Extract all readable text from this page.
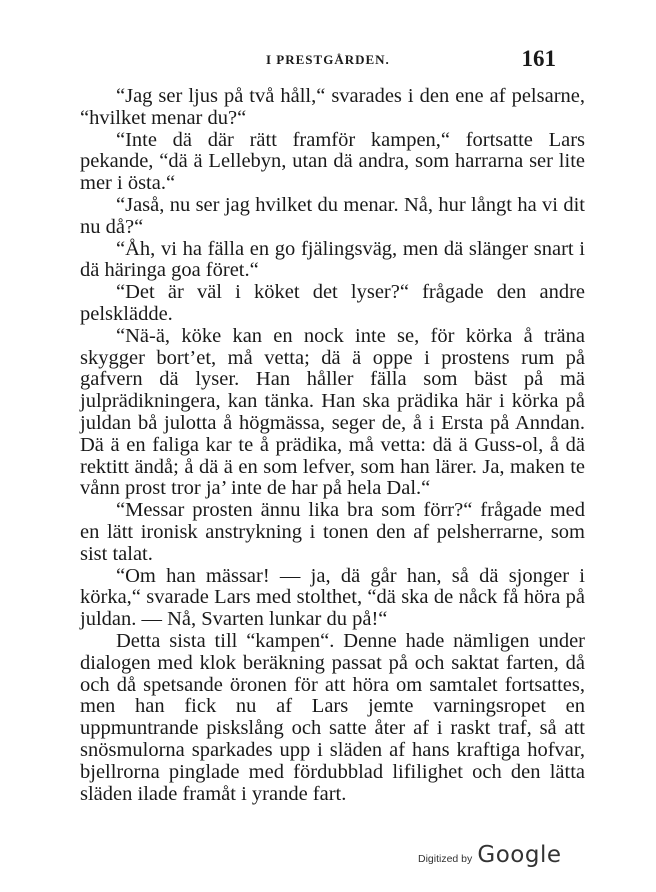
I PRESTGÅRDEN.	161

“Jag ser ljus på två håll,“ svarades i den ene af pelsarne, “hvilket menar du?“

“Inte dä där rätt framför kampen,“ fortsatte Lars pekande, “dä ä Lellebyn, utan dä andra, som harrarna ser lite mer i östa.“

“Jaså, nu ser jag hvilket du menar. Nå, hur långt ha vi dit nu då?“

“Åh, vi ha fälla en go fjälingsväg, men dä slänger snart i dä häringa goa föret.“

“Det är väl i köket det lyser?“ frågade den andre pelsklädde.

“Nä-ä, köke kan en nock inte se, för körka å träna skygger bort’et, må vetta; dä ä oppe i prostens rum på gafvern dä lyser. Han håller fälla som bäst på mä julprädikningera, kan tänka. Han ska prädika här i körka på juldan bå julotta å högmässa, seger de, å i Ersta på Anndan. Dä ä en faliga kar te å prädika, må vetta: dä ä Guss-ol, å dä rektitt ändå; å dä ä en som lefver, som han lärer. Ja, maken te vånn prost tror ja’ inte de har på hela Dal.“

“Messar prosten ännu lika bra som förr?“ frågade med en lätt ironisk anstrykning i tonen den af pelsherrarne, som sist talat.

“Om han mässar! — ja, dä går han, så dä sjonger i körka,“ svarade Lars med stolthet, “dä ska de nåck få höra på juldan. — Nå, Svarten lunkar du på!“

Detta sista till “kampen“. Denne hade nämligen under dialogen med klok beräkning passat på och saktat farten, då och då spetsande öronen för att höra om samtalet fortsattes, men han fick nu af Lars jemte varningsropet en uppmuntrande piskslång och satte åter af i raskt traf, så att snösmulorna sparkades upp i släden af hans kraftiga hofvar, bjellrorna pinglade med fördubblad lifilighet och den lätta släden ilade framåt i yrande fart.

Digitized by Google
